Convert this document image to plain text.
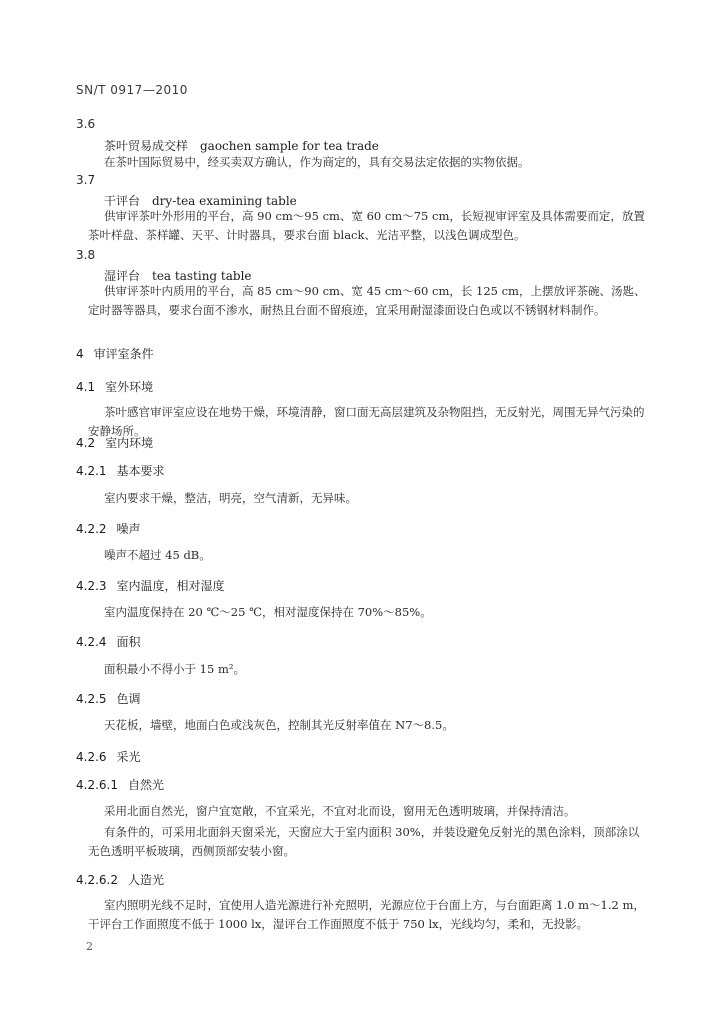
SN/T 0917—2010
3.6
茶叶贸易成交样　gaochen sample for tea trade
在茶叶国际贸易中，经买卖双方确认，作为商定的，具有交易法定依据的实物依据。
3.7
干评台　dry-tea examining table
供审评茶叶外形用的平台，高 90 cm～95 cm、宽 60 cm～75 cm，长短视审评室及具体需要而定，放置茶叶样盘、茶样罐、天平、计时器具，要求台面 black、光洁平整，以浅色调成型色。
3.8
湿评台　tea tasting table
供审评茶叶内质用的平台，高 85 cm～90 cm、宽 45 cm～60 cm，长 125 cm，上摆放评茶碗、汤匙、定时器等器具，要求台面不渗水，耐热且台面不留痕迹，宜采用耐湿漆面设白色或以不锈钢材料制作。
4 审评室条件
4.1 室外环境
茶叶感官审评室应设在地势干燥，环境清静，窗口面无高层建筑及杂物阻挡，无反射光，周围无异气污染的安静场所。
4.2 室内环境
4.2.1 基本要求
室内要求干燥，整洁，明亮，空气清新，无异味。
4.2.2 噪声
噪声不超过 45 dB。
4.2.3 室内温度，相对湿度
室内温度保持在 20 ℃～25 ℃，相对湿度保持在 70%～85%。
4.2.4 面积
面积最小不得小于 15 m²。
4.2.5 色调
天花板，墙壁，地面白色或浅灰色，控制其光反射率值在 N7～8.5。
4.2.6 采光
4.2.6.1 自然光
采用北面自然光，窗户宜宽敞，不宜采光，不宜对北而设，窗用无色透明玻璃，并保持清洁。
有条件的，可采用北面斜天窗采光，天窗应大于室内面积 30%，并装设避免反射光的黑色涂料，顶部涂以无色透明平板玻璃，西侧顶部安装小窗。
4.2.6.2 人造光
室内照明光线不足时，宜使用人造光源进行补充照明，光源应位于台面上方，与台面距离 1.0 m～1.2 m，干评台工作面照度不低于 1000 lx，湿评台工作面照度不低于 750 lx，光线均匀，柔和，无投影。
2
